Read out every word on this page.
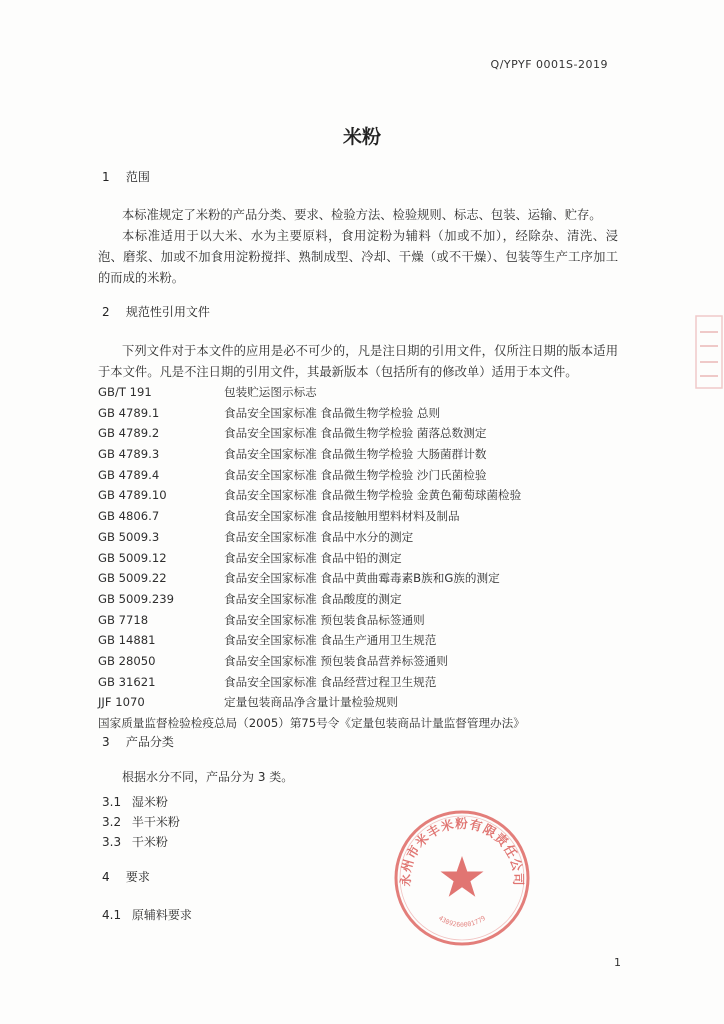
Q/YPYF 0001S-2019
米粉
1 范围

本标准规定了米粉的产品分类、要求、检验方法、检验规则、标志、包装、运输、贮存。

本标准适用于以大米、水为主要原料，食用淀粉为辅料（加或不加），经除杂、清洗、浸泡、磨浆、加或不加食用淀粉搅拌、熟制成型、冷却、干燥（或不干燥）、包装等生产工序加工的而成的米粉。

2 规范性引用文件

下列文件对于本文件的应用是必不可少的，凡是注日期的引用文件，仅所注日期的版本适用于本文件。凡是不注日期的引用文件，其最新版本（包括所有的修改单）适用于本文件。

GB/T 191	包装贮运图示标志
GB 4789.1	食品安全国家标准 食品微生物学检验 总则
GB 4789.2	食品安全国家标准 食品微生物学检验 菌落总数测定
GB 4789.3	食品安全国家标准 食品微生物学检验 大肠菌群计数
GB 4789.4	食品安全国家标准 食品微生物学检验 沙门氏菌检验
GB 4789.10	食品安全国家标准 食品微生物学检验 金黄色葡萄球菌检验
GB 4806.7	食品安全国家标准 食品接触用塑料材料及制品
GB 5009.3	食品安全国家标准 食品中水分的测定
GB 5009.12	食品安全国家标准 食品中铅的测定
GB 5009.22	食品安全国家标准 食品中黄曲霉毒素B族和G族的测定
GB 5009.239	食品安全国家标准 食品酸度的测定
GB 7718	食品安全国家标准 预包装食品标签通则
GB 14881	食品安全国家标准 食品生产通用卫生规范
GB 28050	食品安全国家标准 预包装食品营养标签通则
GB 31621	食品安全国家标准 食品经营过程卫生规范
JJF 1070	定量包装商品净含量计量检验规则
国家质量监督检验检疫总局（2005）第75号令《定量包装商品计量监督管理办法》
3 产品分类
根据水分不同，产品分为 3 类。
3.1 湿米粉
3.2 半干米粉
3.3 干米粉
4 要求
4.1 原辅料要求
永州市米丰米粉有限责任公司
4309260001779
1
